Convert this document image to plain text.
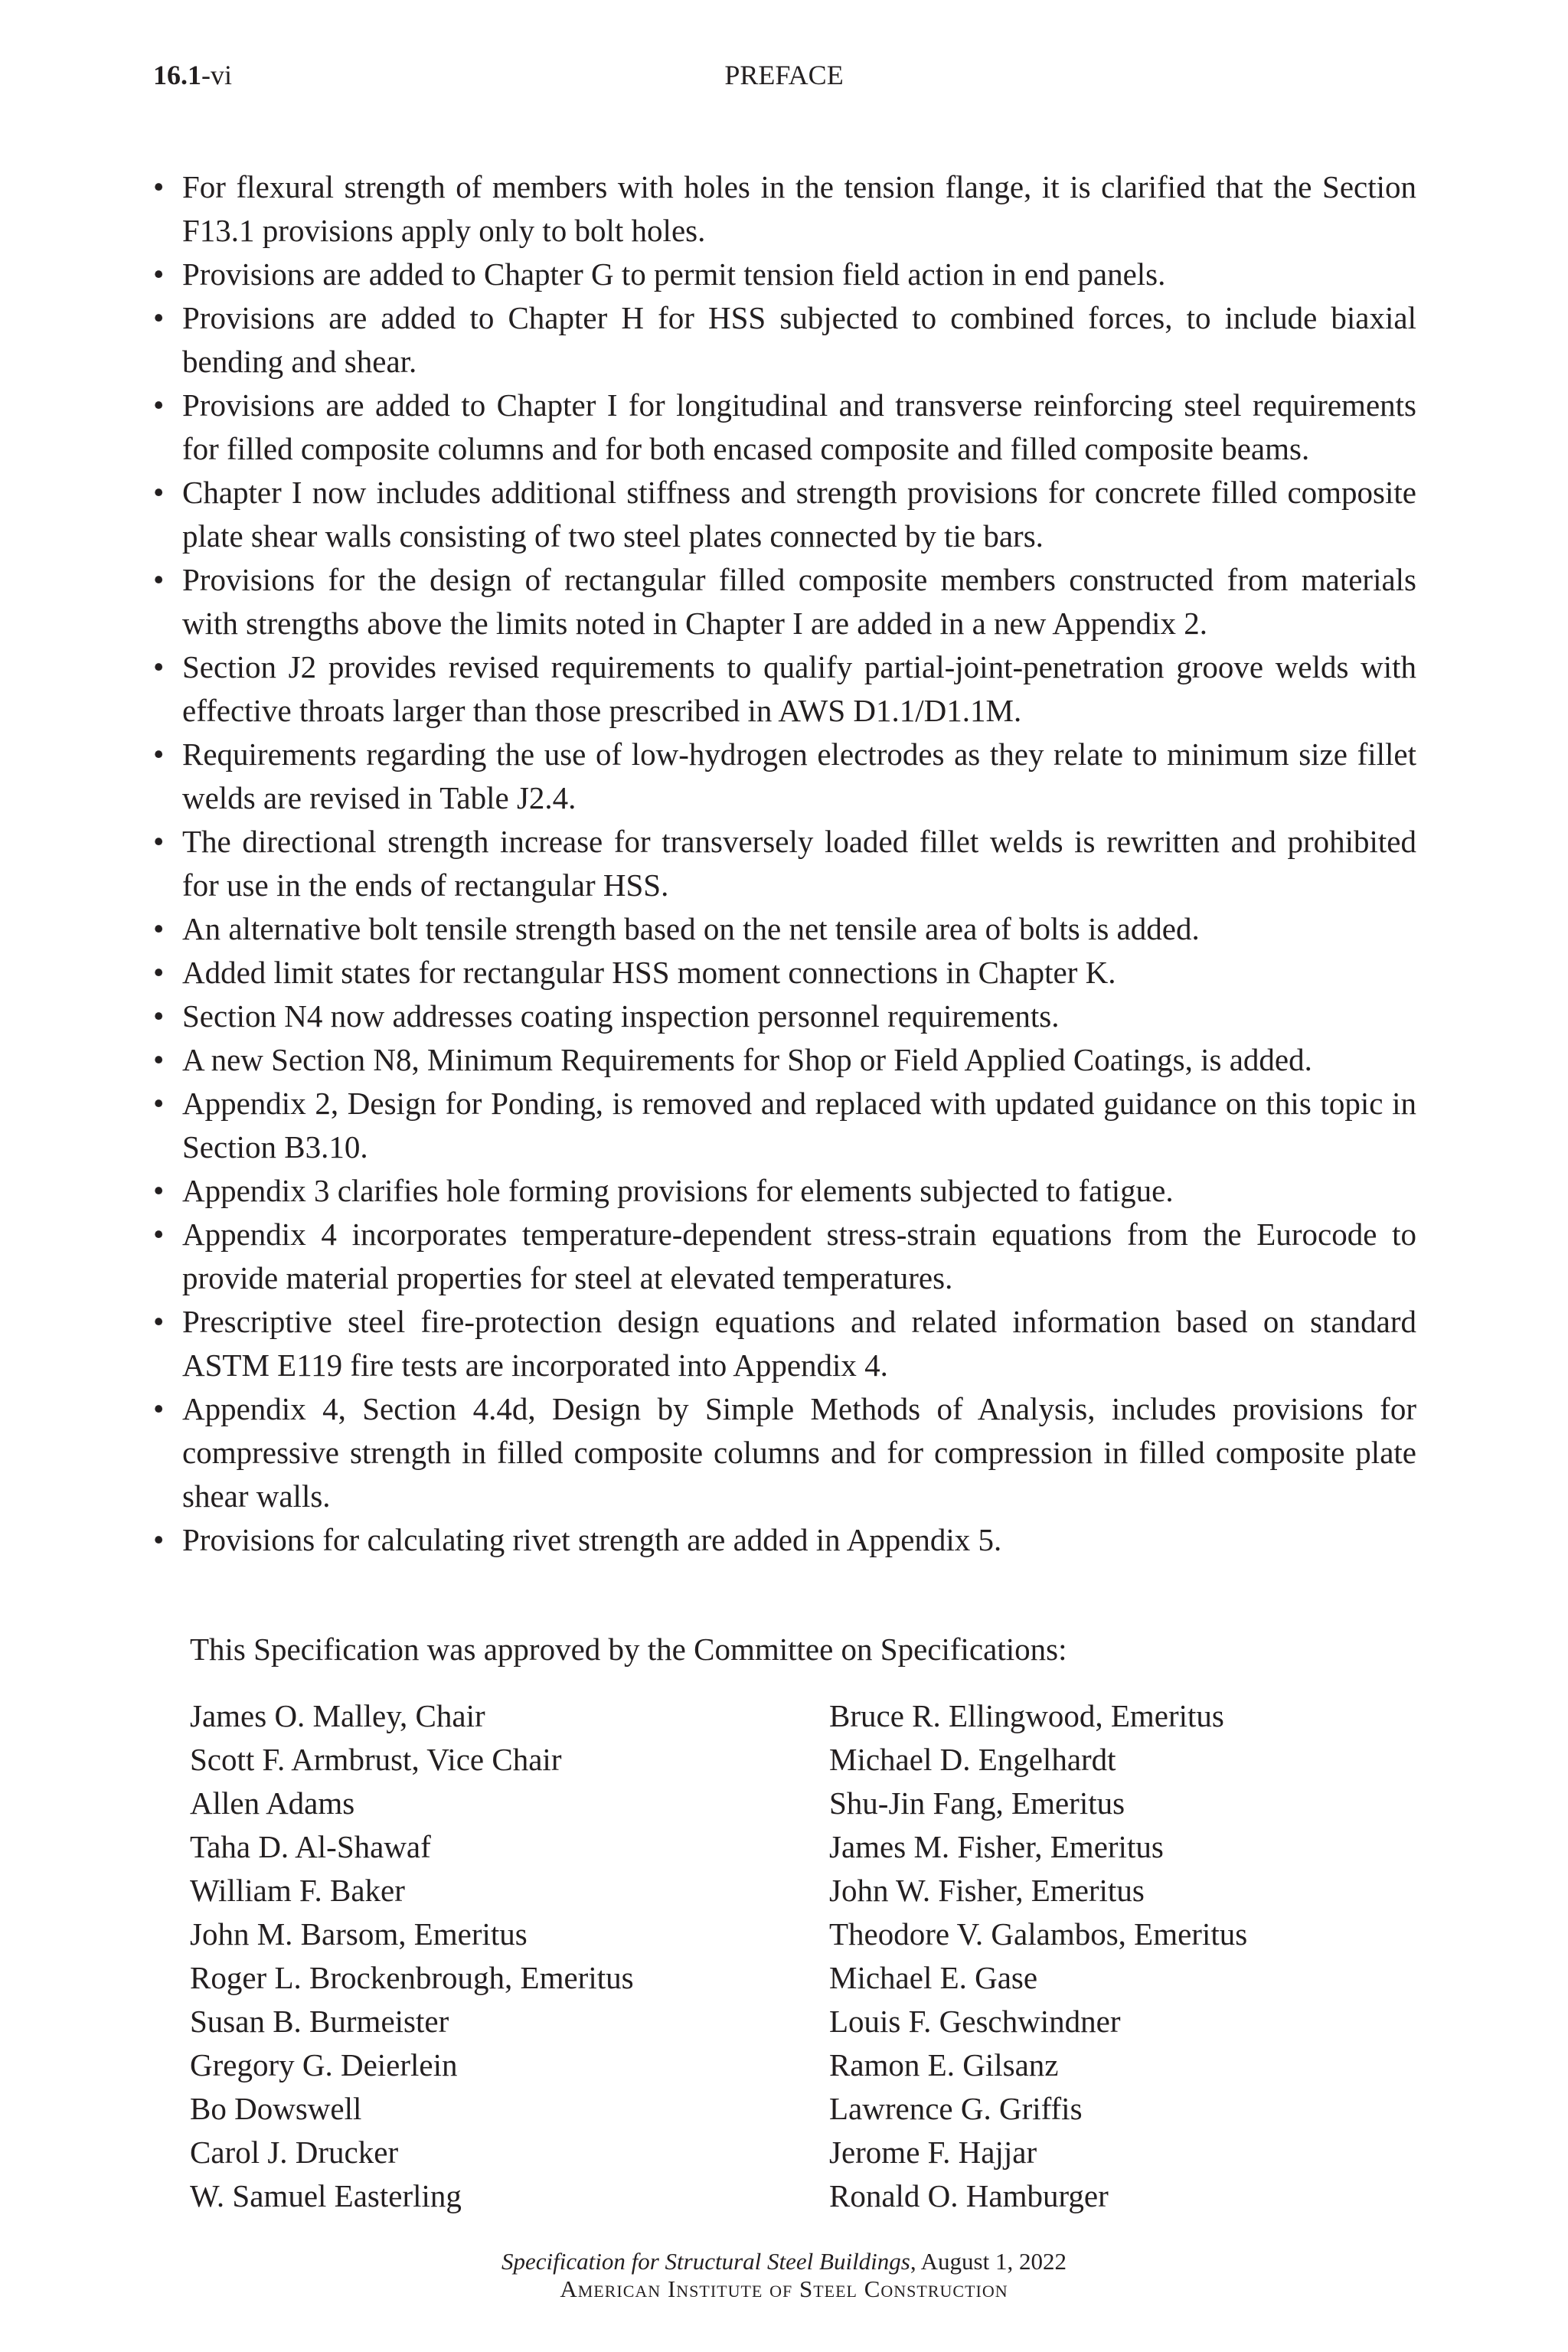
16.1-vi	PREFACE
• For flexural strength of members with holes in the tension flange, it is clarified that the Section F13.1 provisions apply only to bolt holes.
• Provisions are added to Chapter G to permit tension field action in end panels.
• Provisions are added to Chapter H for HSS subjected to combined forces, to include biaxial bending and shear.
• Provisions are added to Chapter I for longitudinal and transverse reinforcing steel requirements for filled composite columns and for both encased composite and filled composite beams.
• Chapter I now includes additional stiffness and strength provisions for concrete filled composite plate shear walls consisting of two steel plates connected by tie bars.
• Provisions for the design of rectangular filled composite members constructed from materials with strengths above the limits noted in Chapter I are added in a new Appendix 2.
• Section J2 provides revised requirements to qualify partial-joint-penetration groove welds with effective throats larger than those prescribed in AWS D1.1/D1.1M.
• Requirements regarding the use of low-hydrogen electrodes as they relate to minimum size fillet welds are revised in Table J2.4.
• The directional strength increase for transversely loaded fillet welds is rewritten and prohibited for use in the ends of rectangular HSS.
• An alternative bolt tensile strength based on the net tensile area of bolts is added.
• Added limit states for rectangular HSS moment connections in Chapter K.
• Section N4 now addresses coating inspection personnel requirements.
• A new Section N8, Minimum Requirements for Shop or Field Applied Coatings, is added.
• Appendix 2, Design for Ponding, is removed and replaced with updated guidance on this topic in Section B3.10.
• Appendix 3 clarifies hole forming provisions for elements subjected to fatigue.
• Appendix 4 incorporates temperature-dependent stress-strain equations from the Eurocode to provide material properties for steel at elevated temperatures.
• Prescriptive steel fire-protection design equations and related information based on standard ASTM E119 fire tests are incorporated into Appendix 4.
• Appendix 4, Section 4.4d, Design by Simple Methods of Analysis, includes provisions for compressive strength in filled composite columns and for compression in filled composite plate shear walls.
• Provisions for calculating rivet strength are added in Appendix 5.
This Specification was approved by the Committee on Specifications:
James O. Malley, Chair
Scott F. Armbrust, Vice Chair
Allen Adams
Taha D. Al-Shawaf
William F. Baker
John M. Barsom, Emeritus
Roger L. Brockenbrough, Emeritus
Susan B. Burmeister
Gregory G. Deierlein
Bo Dowswell
Carol J. Drucker
W. Samuel Easterling
Bruce R. Ellingwood, Emeritus
Michael D. Engelhardt
Shu-Jin Fang, Emeritus
James M. Fisher, Emeritus
John W. Fisher, Emeritus
Theodore V. Galambos, Emeritus
Michael E. Gase
Louis F. Geschwindner
Ramon E. Gilsanz
Lawrence G. Griffis
Jerome F. Hajjar
Ronald O. Hamburger
Specification for Structural Steel Buildings, August 1, 2022
American Institute of Steel Construction
